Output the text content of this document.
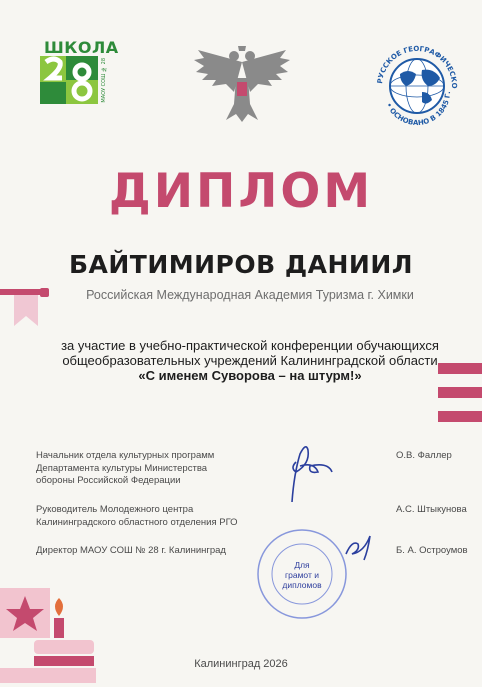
ШКОЛА
МАОУ СОШ № 28	РУССКОЕ ГЕОГРАФИЧЕСКО
• ОСНОВАНО В 1845 Г.
ДИПЛОМ
БАЙТИМИРОВ ДАНИИЛ
Российская Международная Академия Туризма г. Химки
за участие в учебно-практической конференции обучающихся
общеобразовательных учреждений Калининградской области
«С именем Суворова – на штурм!»
Начальник отдела культурных программ
Департамента культуры Министерства
обороны Российской Федерации
О.В. Фаллер
Руководитель Молодежного центра
Калининградского областного отделения РГО
А.С. Штыкунова
Директор МАОУ СОШ № 28 г. Калининград	Б. А. Остроумов
Для
грамот и
дипломов
Калининград 2026
